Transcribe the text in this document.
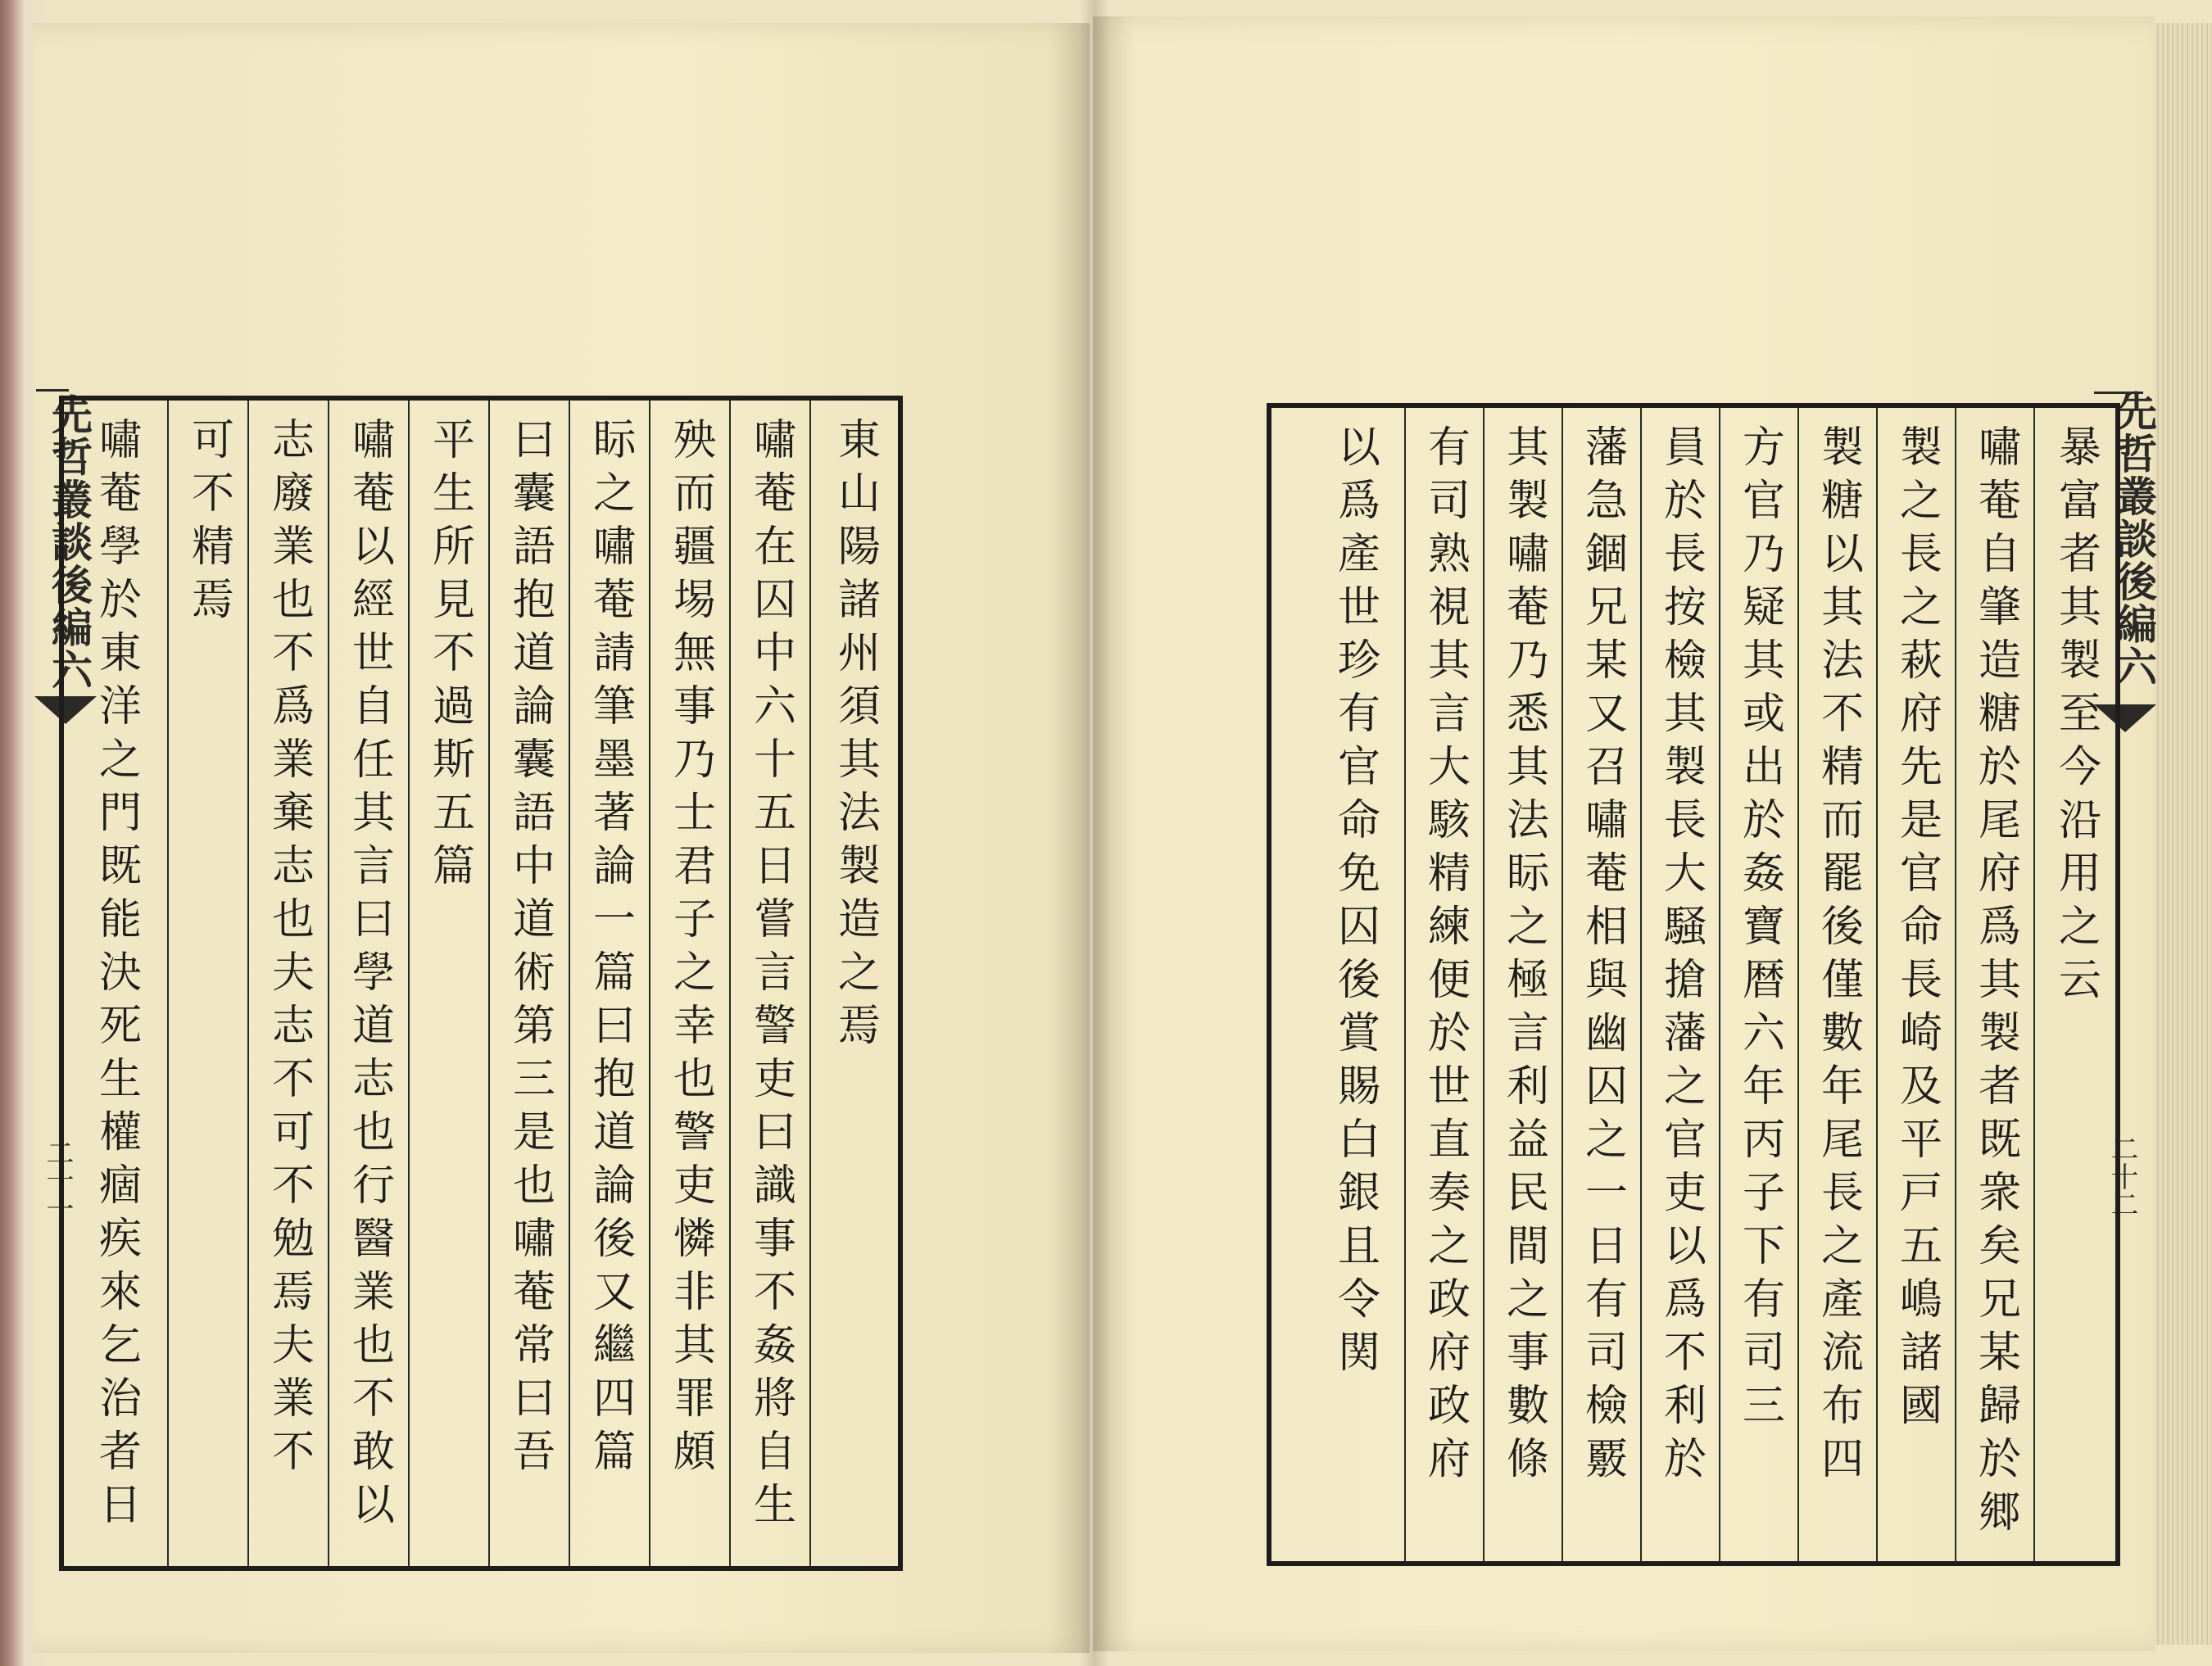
先哲叢談後編六
二十一
先哲叢談後編六
二十二
東山陽諸州須其法製造之焉
嘯菴在囚中六十五日嘗言警吏曰識事不姦將自生
殃而疆埸無事乃士君子之幸也警吏憐非其罪頗
眎之嘯菴請筆墨著論一篇曰抱道論後又繼四篇
曰囊語抱道論囊語中道術第三是也嘯菴常曰吾
平生所見不過斯五篇
嘯菴以經世自任其言曰學道志也行醫業也不敢以
志廢業也不爲業棄志也夫志不可不勉焉夫業不
可不精焉
嘯菴學於東洋之門既能決死生權痼疾來乞治者日	暴富者其製至今沿用之云
嘯菴自肇造糖於尾府爲其製者既衆矣兄某歸於郷
製之長之萩府先是官命長崎及平戸五嶋諸國
製糖以其法不精而罷後僅數年尾長之產流布四
方官乃疑其或出於姦寶暦六年丙子下有司三
員於長按檢其製長大騒搶藩之官吏以爲不利於
藩急錮兄某又召嘯菴相與幽囚之一日有司檢覈
其製嘯菴乃悉其法眎之極言利益民間之事數條
有司熟視其言大駭精練便於世直奏之政府政府
以爲產世珍有官命免囚後賞賜白銀且令関
